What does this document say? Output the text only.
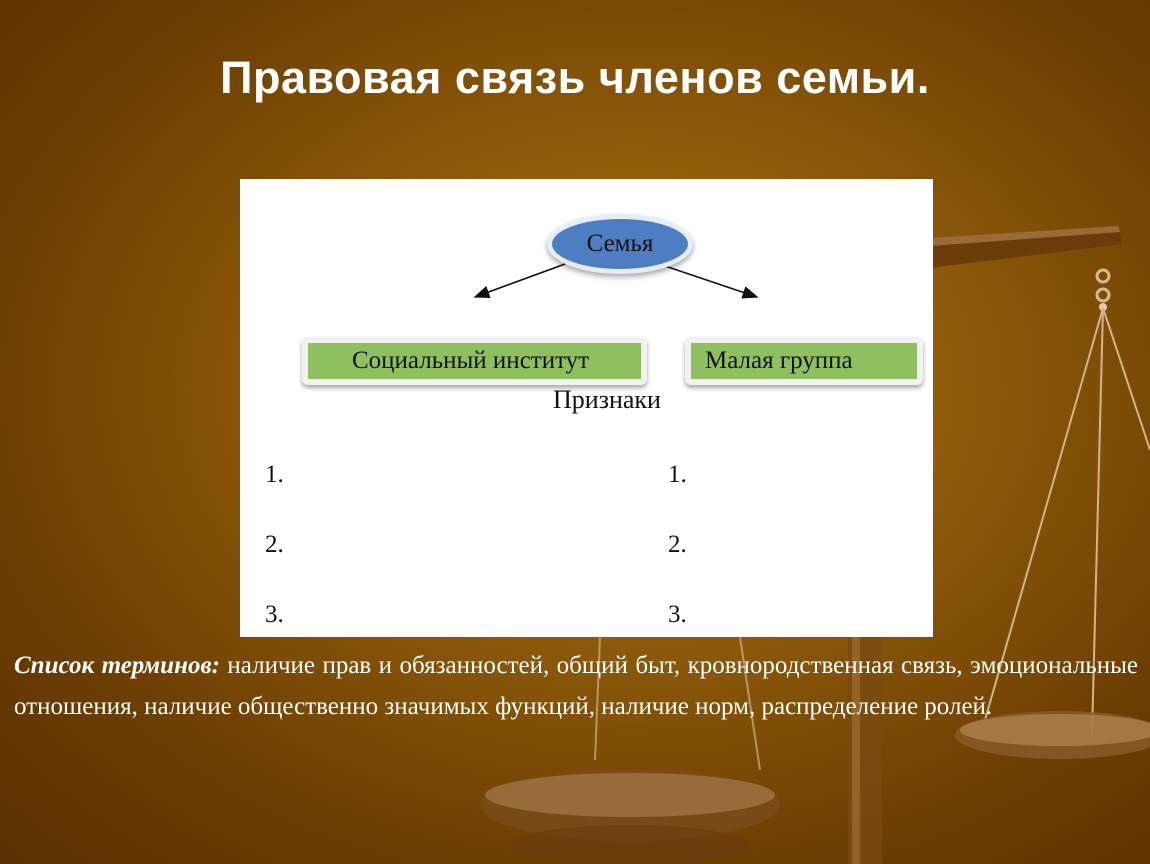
Правовая связь членов семьи.
Семья
Социальный институт	Малая группа
Признаки
1.
2.
3.
1.
2.
3.
Список терминов: наличие прав и обязанностей, общий быт, кровнородственная связь, эмоциональные отношения, наличие общественно значимых функций, наличие норм, распределение ролей.
